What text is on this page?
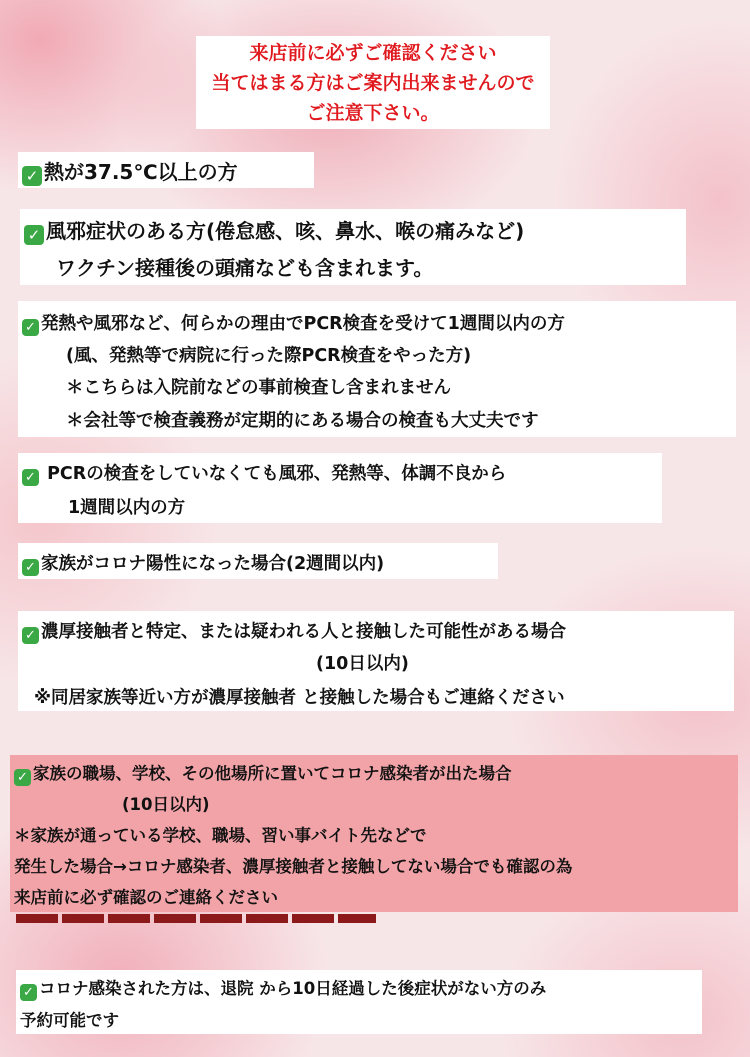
来店前に必ずご確認ください
当てはまる方はご案内出来ませんので
ご注意下さい。
✓ 熱が37.5℃以上の方
✓ 風邪症状のある方(倦怠感、咳、鼻水、喉の痛みなど)
ワクチン接種後の頭痛なども含まれます。
✓ 発熱や風邪など、何らかの理由でPCR検査を受けて1週間以内の方
(風、発熱等で病院に行った際PCR検査をやった方)
＊こちらは入院前などの事前検査し含まれません
＊会社等で検査義務が定期的にある場合の検査も大丈夫です
✓ PCRの検査をしていなくても風邪、発熱等、体調不良から
1週間以内の方
✓ 家族がコロナ陽性になった場合(2週間以内)
✓ 濃厚接触者と特定、または疑われる人と接触した可能性がある場合
(10日以内)
※同居家族等近い方が濃厚接触者 と接触した場合もご連絡ください
✓ 家族の職場、学校、その他場所に置いてコロナ感染者が出た場合
(10日以内)
＊家族が通っている学校、職場、習い事バイト先などで
発生した場合→コロナ感染者、濃厚接触者と接触してない場合でも確認の為
来店前に必ず確認のご連絡ください
✓ コロナ感染された方は、退院 から10日経過した後症状がない方のみ
予約可能です
